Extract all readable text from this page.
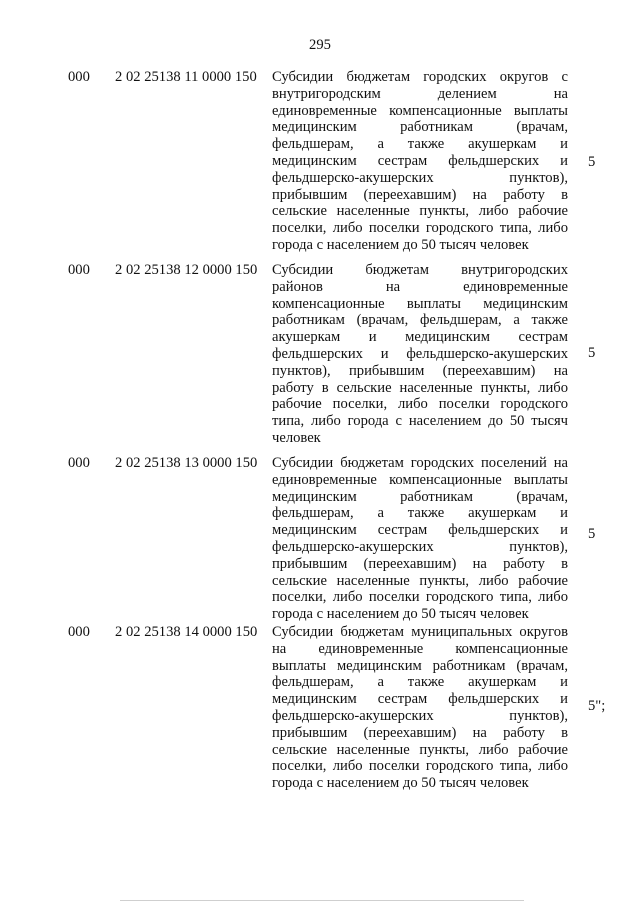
295
000 2 02 25138 11 0000 150 Субсидии бюджетам городских округов с
внутригородским делением на
единовременные компенсационные выплаты
медицинским работникам (врачам,
фельдшерам, а также акушеркам и
медицинским сестрам фельдшерских и
фельдшерско-акушерских пунктов),
прибывшим (переехавшим) на работу в
сельские населенные пункты, либо рабочие
поселки, либо поселки городского типа, либо
города с населением до 50 тысяч человек
5
000 2 02 25138 12 0000 150 Субсидии бюджетам внутригородских
районов на единовременные
компенсационные выплаты медицинским
работникам (врачам, фельдшерам, а также
акушеркам и медицинским сестрам
фельдшерских и фельдшерско-акушерских
пунктов), прибывшим (переехавшим) на
работу в сельские населенные пункты, либо
рабочие поселки, либо поселки городского
типа, либо города с населением до 50 тысяч
человек
5
000 2 02 25138 13 0000 150 Субсидии бюджетам городских поселений на
единовременные компенсационные выплаты
медицинским работникам (врачам,
фельдшерам, а также акушеркам и
медицинским сестрам фельдшерских и
фельдшерско-акушерских пунктов),
прибывшим (переехавшим) на работу в
сельские населенные пункты, либо рабочие
поселки, либо поселки городского типа, либо
города с населением до 50 тысяч человек
5
000 2 02 25138 14 0000 150 Субсидии бюджетам муниципальных округов
на единовременные компенсационные
выплаты медицинским работникам (врачам,
фельдшерам, а также акушеркам и
медицинским сестрам фельдшерских и
фельдшерско-акушерских пунктов),
прибывшим (переехавшим) на работу в
сельские населенные пункты, либо рабочие
поселки, либо поселки городского типа, либо
города с населением до 50 тысяч человек
5";
